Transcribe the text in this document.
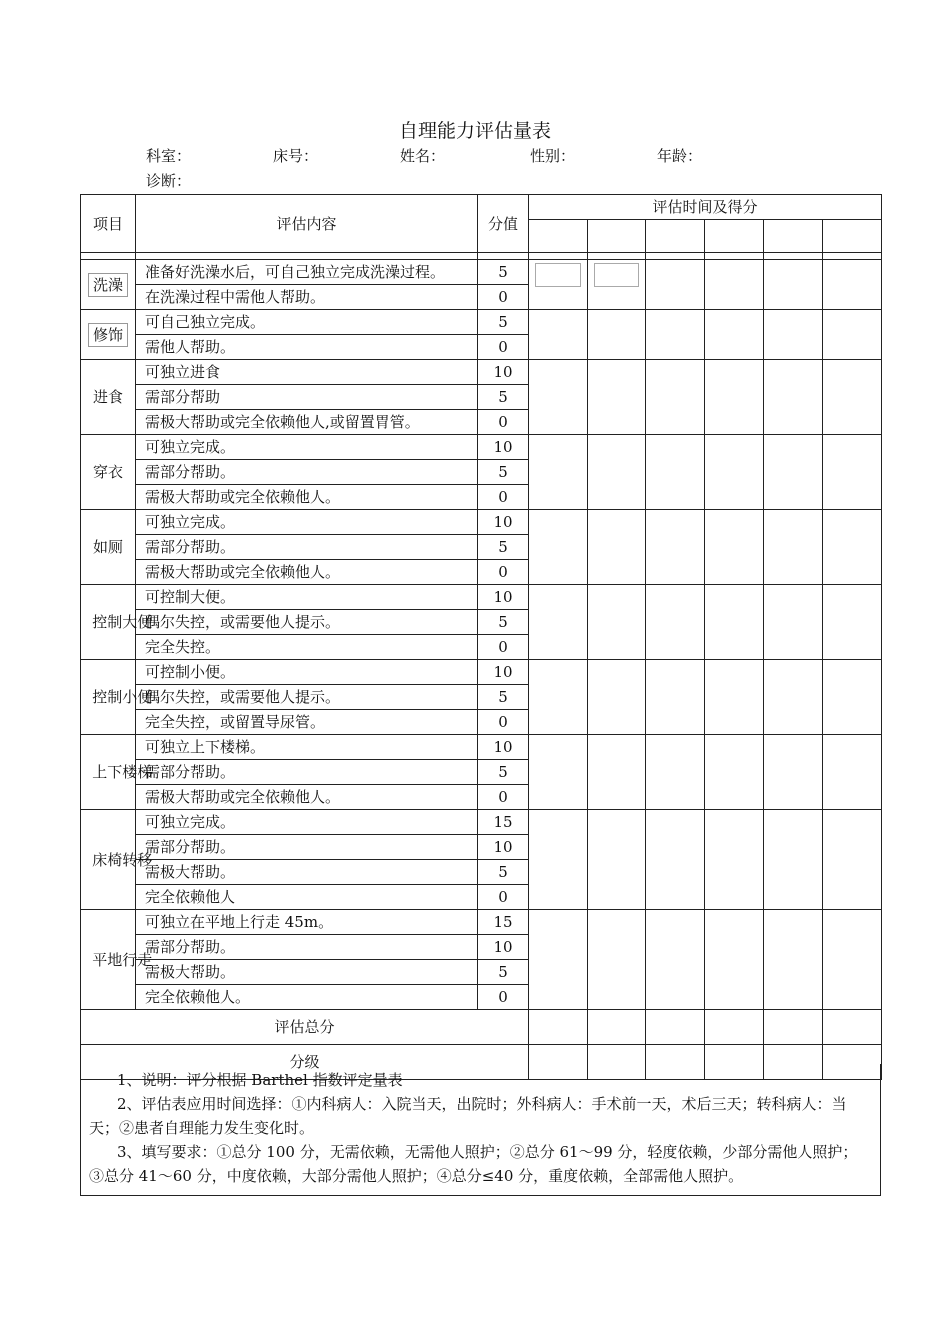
自理能力评估量表
科室：	床号：	姓名：	性别：	年龄：
诊断：
项目	评估内容	分值	评估时间及得分					

洗澡	准备好洗澡水后，可自己独立完成洗澡过程。	5	

	在洗澡过程中需他人帮助。	0						
修饰	可自己独立完成。	5						
	需他人帮助。	0						
进食	可独立进食	10						
	需部分帮助	5						
	需极大帮助或完全依赖他人,或留置胃管。	0						
穿衣	可独立完成。	10						
	需部分帮助。	5						
	需极大帮助或完全依赖他人。	0						
如厕	可独立完成。	10						
	需部分帮助。	5						
	需极大帮助或完全依赖他人。	0						
控制大便	可控制大便。	10						
	偶尔失控，或需要他人提示。	5						
	完全失控。	0						
控制小便	可控制小便。	10						
	偶尔失控，或需要他人提示。	5						
	完全失控，或留置导尿管。	0						
上下楼梯	可独立上下楼梯。	10						
	需部分帮助。	5						
	需极大帮助或完全依赖他人。	0						
床椅转移	可独立完成。	15						
	需部分帮助。	10						
	需极大帮助。	5						
	完全依赖他人	0						
平地行走	可独立在平地上行走 45m。	15						
	需部分帮助。	10						
	需极大帮助。	5						
	完全依赖他人。	0						
评估总分								
分级								

1、说明：评分根据 Barthel 指数评定量表

2、评估表应用时间选择：①内科病人：入院当天，出院时；外科病人：手术前一天，术后三天；转科病人：当天；②患者自理能力发生变化时。

3、填写要求：①总分 100 分，无需依赖，无需他人照护；②总分 61～99 分，轻度依赖，少部分需他人照护；③总分 41～60 分，中度依赖，大部分需他人照护；④总分≤40 分，重度依赖，全部需他人照护。
